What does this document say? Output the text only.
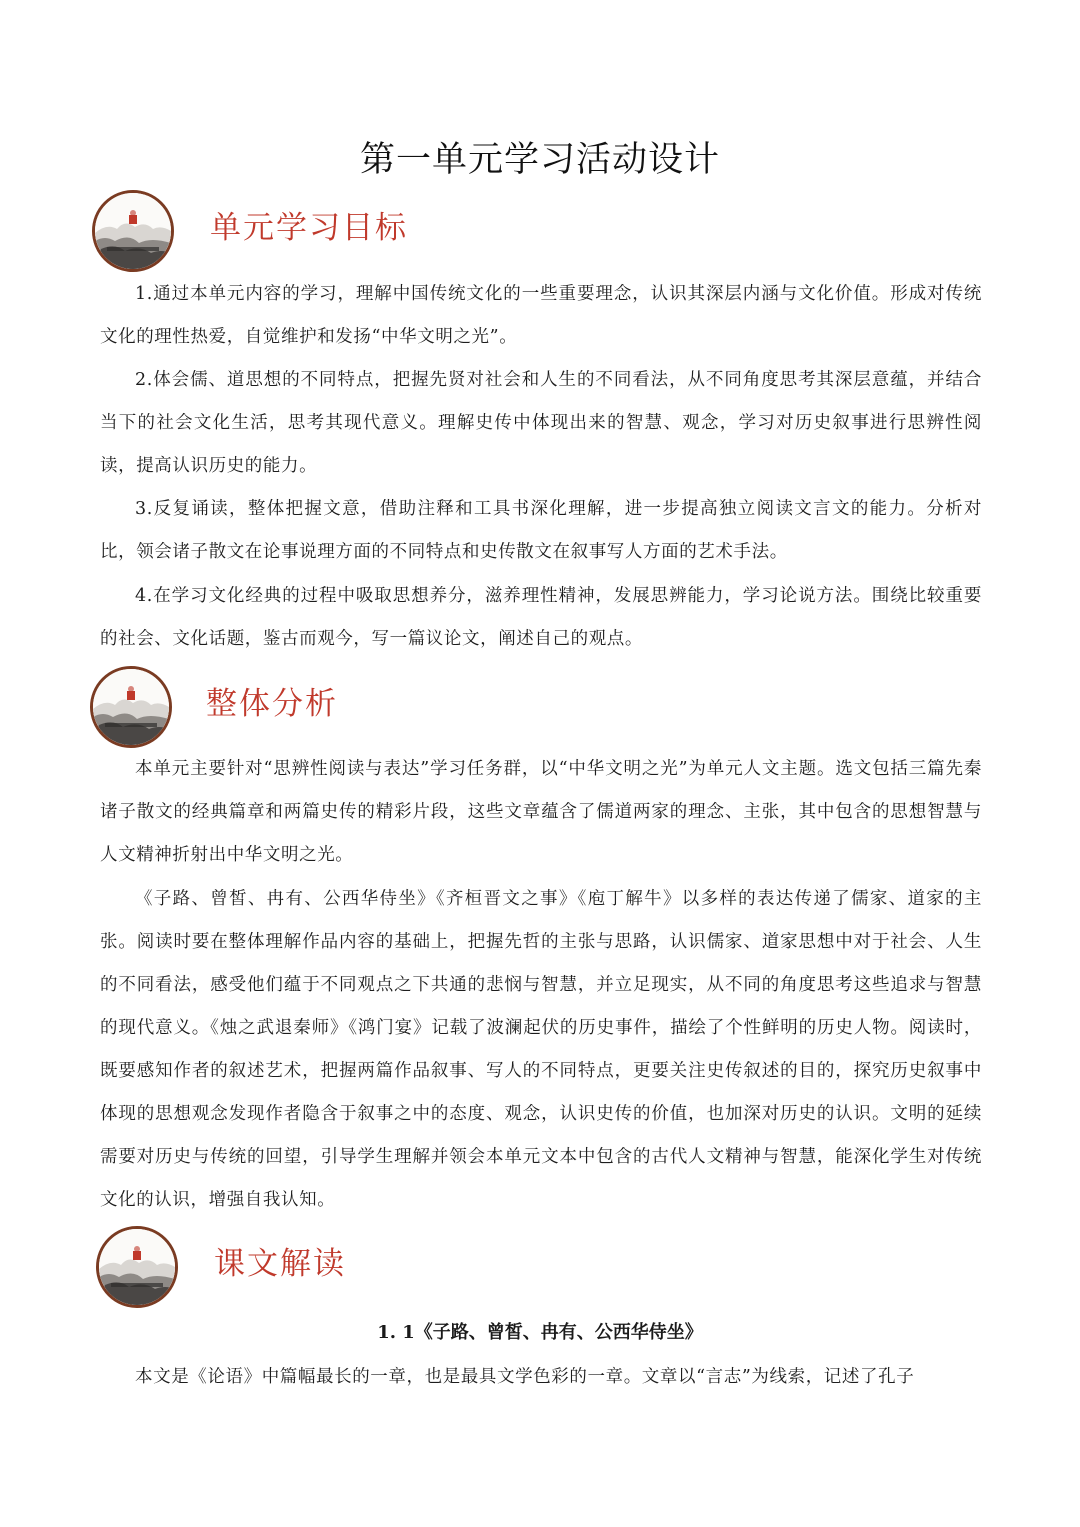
第一单元学习活动设计
单元学习目标

1.通过本单元内容的学习，理解中国传统文化的一些重要理念，认识其深层内涵与文化价值。形成对传统文化的理性热爱，自觉维护和发扬“中华文明之光”。

2.体会儒、道思想的不同特点，把握先贤对社会和人生的不同看法，从不同角度思考其深层意蕴，并结合当下的社会文化生活，思考其现代意义。理解史传中体现出来的智慧、观念，学习对历史叙事进行思辨性阅读，提高认识历史的能力。

3.反复诵读，整体把握文意，借助注释和工具书深化理解，进一步提高独立阅读文言文的能力。分析对比，领会诸子散文在论事说理方面的不同特点和史传散文在叙事写人方面的艺术手法。

4.在学习文化经典的过程中吸取思想养分，滋养理性精神，发展思辨能力，学习论说方法。围绕比较重要的社会、文化话题，鉴古而观今，写一篇议论文，阐述自己的观点。

整体分析

本单元主要针对“思辨性阅读与表达”学习任务群，以“中华文明之光”为单元人文主题。选文包括三篇先秦诸子散文的经典篇章和两篇史传的精彩片段，这些文章蕴含了儒道两家的理念、主张，其中包含的思想智慧与人文精神折射出中华文明之光。

《子路、曾皙、冉有、公西华侍坐》《齐桓晋文之事》《庖丁解牛》以多样的表达传递了儒家、道家的主张。阅读时要在整体理解作品内容的基础上，把握先哲的主张与思路，认识儒家、道家思想中对于社会、人生的不同看法，感受他们蕴于不同观点之下共通的悲悯与智慧，并立足现实，从不同的角度思考这些追求与智慧的现代意义。《烛之武退秦师》《鸿门宴》记载了波澜起伏的历史事件，描绘了个性鲜明的历史人物。阅读时，既要感知作者的叙述艺术，把握两篇作品叙事、写人的不同特点，更要关注史传叙述的目的，探究历史叙事中体现的思想观念发现作者隐含于叙事之中的态度、观念，认识史传的价值，也加深对历史的认识。文明的延续需要对历史与传统的回望，引导学生理解并领会本单元文本中包含的古代人文精神与智慧，能深化学生对传统文化的认识，增强自我认知。

课文解读
1. 1《子路、曾皙、冉有、公西华侍坐》

本文是《论语》中篇幅最长的一章，也是最具文学色彩的一章。文章以“言志”为线索，记述了孔子
